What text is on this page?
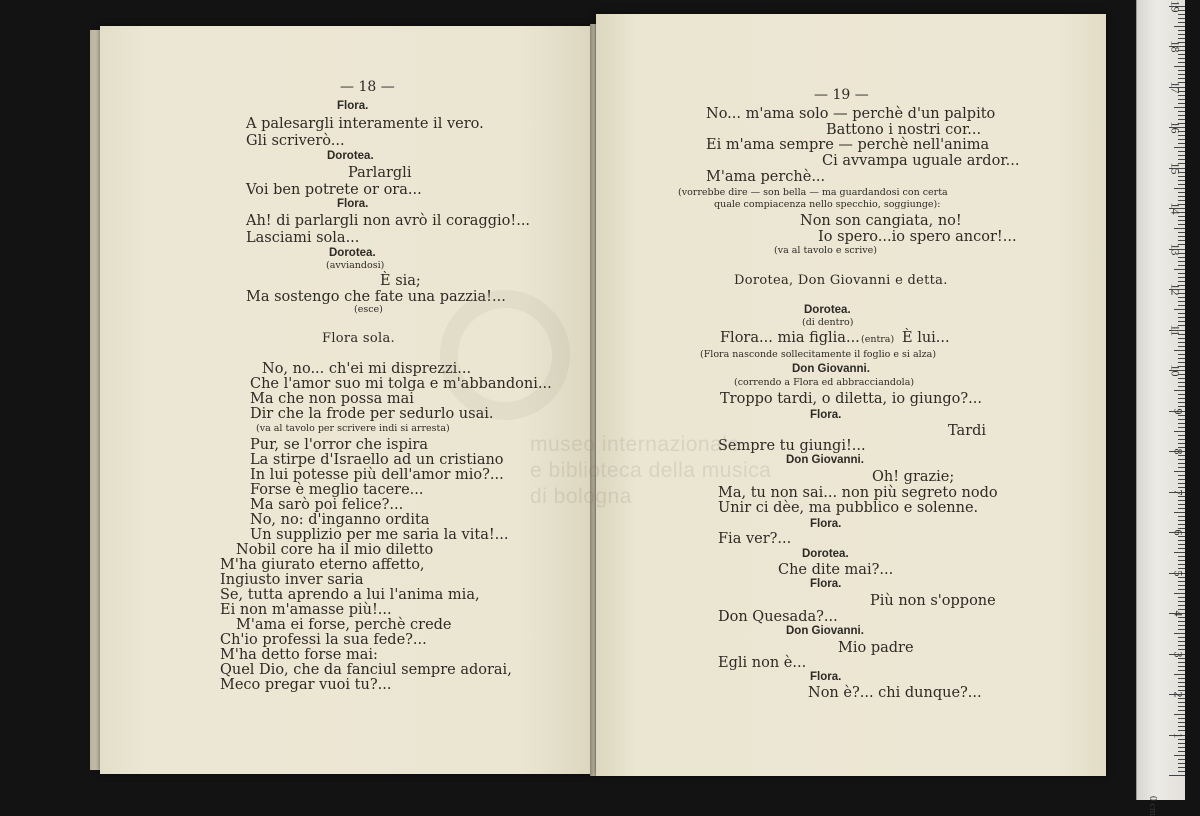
— 18 —
Flora.
A palesargli interamente il vero.
Gli scriverò...
Dorotea.
Parlargli
Voi ben potrete or ora...
Flora.
Ah! di parlargli non avrò il coraggio!...
Lasciami sola...
Dorotea.
(avviandosi)
È sia;
Ma sostengo che fate una pazzia!...
(esce)
Flora sola.
No, no... ch'ei mi disprezzi...
Che l'amor suo mi tolga e m'abbandoni...
Ma che non possa mai
Dir che la frode per sedurlo usai.
(va al tavolo per scrivere indi si arresta)
Pur, se l'orror che ispira
La stirpe d'Israello ad un cristiano
In lui potesse più dell'amor mio?...
Forse è meglio tacere...
Ma sarò poi felice?...
No, no: d'inganno ordita
Un supplizio per me saria la vita!...
Nobil core ha il mio diletto
M'ha giurato eterno affetto,
Ingiusto inver saria
Se, tutta aprendo a lui l'anima mia,
Ei non m'amasse più!...
M'ama ei forse, perchè crede
Ch'io professi la sua fede?...
M'ha detto forse mai:
Quel Dio, che da fanciul sempre adorai,
Meco pregar vuoi tu?...
— 19 —
No... m'ama solo — perchè d'un palpito
Battono i nostri cor...
Ei m'ama sempre — perchè nell'anima
Ci avvampa uguale ardor...
M'ama perchè...
(vorrebbe dire — son bella — ma guardandosi con certa
quale compiacenza nello specchio, soggiunge):
Non son cangiata, no!
Io spero...io spero ancor!...
(va al tavolo e scrive)
Dorotea, Don Giovanni e detta.
Dorotea.
(di dentro)
Flora... mia figlia... (entra) È lui...
(Flora nasconde sollecitamente il foglio e si alza)
Don Giovanni.
(correndo a Flora ed abbracciandola)
Troppo tardi, o diletta, io giungo?...
Flora.
Tardi
Sempre tu giungi!...
Don Giovanni.
Oh! grazie;
Ma, tu non sai... non più segreto nodo
Unir ci dèe, ma pubblico e solenne.
Flora.
Fia ver?...
Dorotea.
Che dite mai?...
Flora.
Più non s'oppone
Don Quesada?...
Don Giovanni.
Mio padre
Egli non è...
Flora.
Non è?... chi dunque?...
museo internazionale
e biblioteca della musica
di bologna
0 cm
1
2
3
4
5
6
7
8
9
10
11
12
13
14
15
16
17
18
19
